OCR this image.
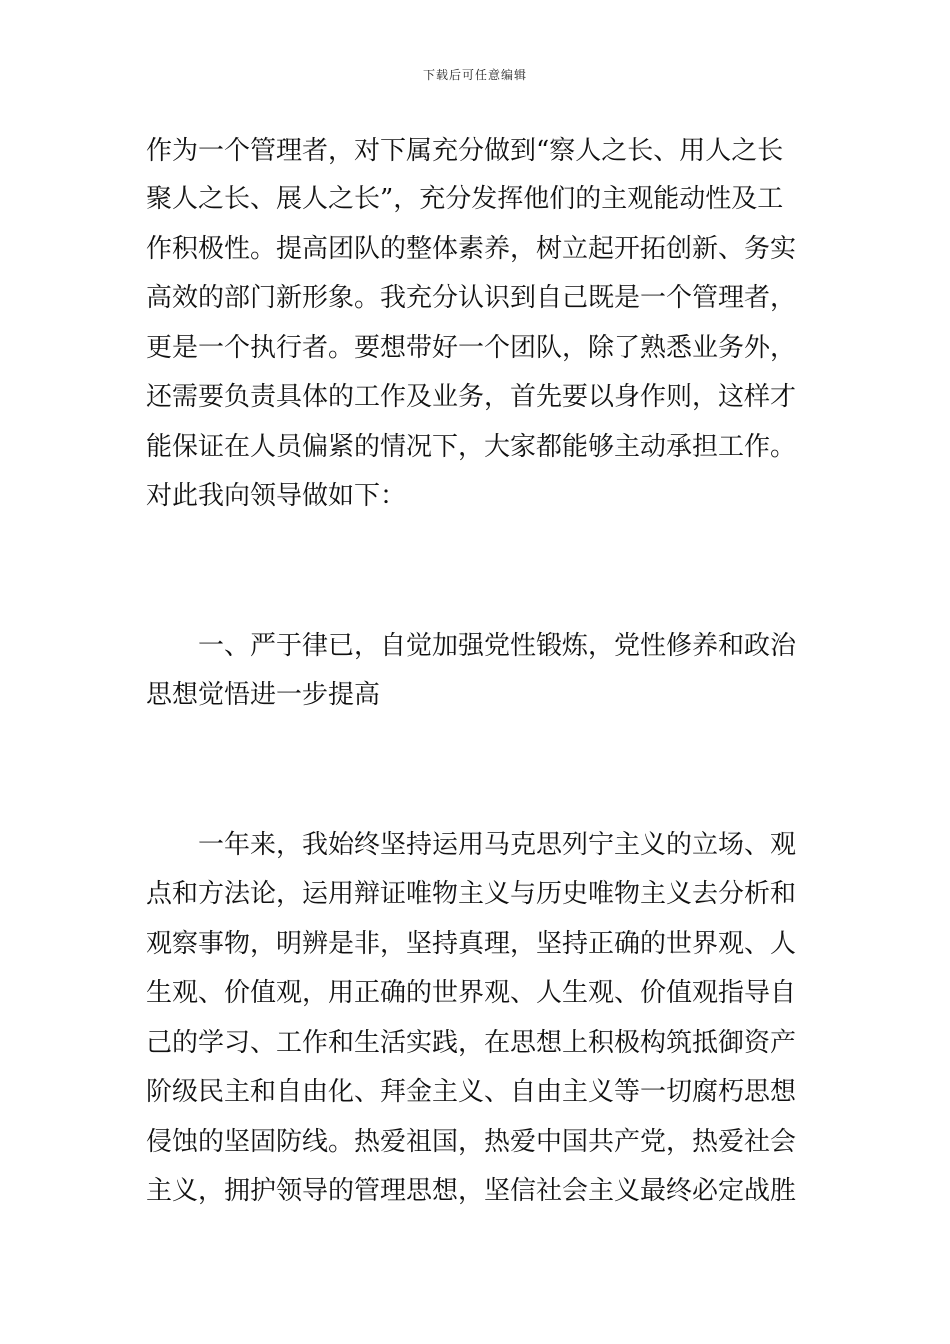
下载后可任意编辑
作为一个管理者，对下属充分做到“察人之长、用人之长
聚人之长、展人之长”，充分发挥他们的主观能动性及工
作积极性。提高团队的整体素养，树立起开拓创新、务实
高效的部门新形象。我充分认识到自己既是一个管理者，
更是一个执行者。要想带好一个团队，除了熟悉业务外，
还需要负责具体的工作及业务，首先要以身作则，这样才
能保证在人员偏紧的情况下，大家都能够主动承担工作。
对此我向领导做如下：
一、严于律已，自觉加强党性锻炼，党性修养和政治
思想觉悟进一步提高
一年来，我始终坚持运用马克思列宁主义的立场、观
点和方法论，运用辩证唯物主义与历史唯物主义去分析和
观察事物，明辨是非，坚持真理，坚持正确的世界观、人
生观、价值观，用正确的世界观、人生观、价值观指导自
己的学习、工作和生活实践，在思想上积极构筑抵御资产
阶级民主和自由化、拜金主义、自由主义等一切腐朽思想
侵蚀的坚固防线。热爱祖国，热爱中国共产党，热爱社会
主义，拥护领导的管理思想，坚信社会主义最终必定战胜
